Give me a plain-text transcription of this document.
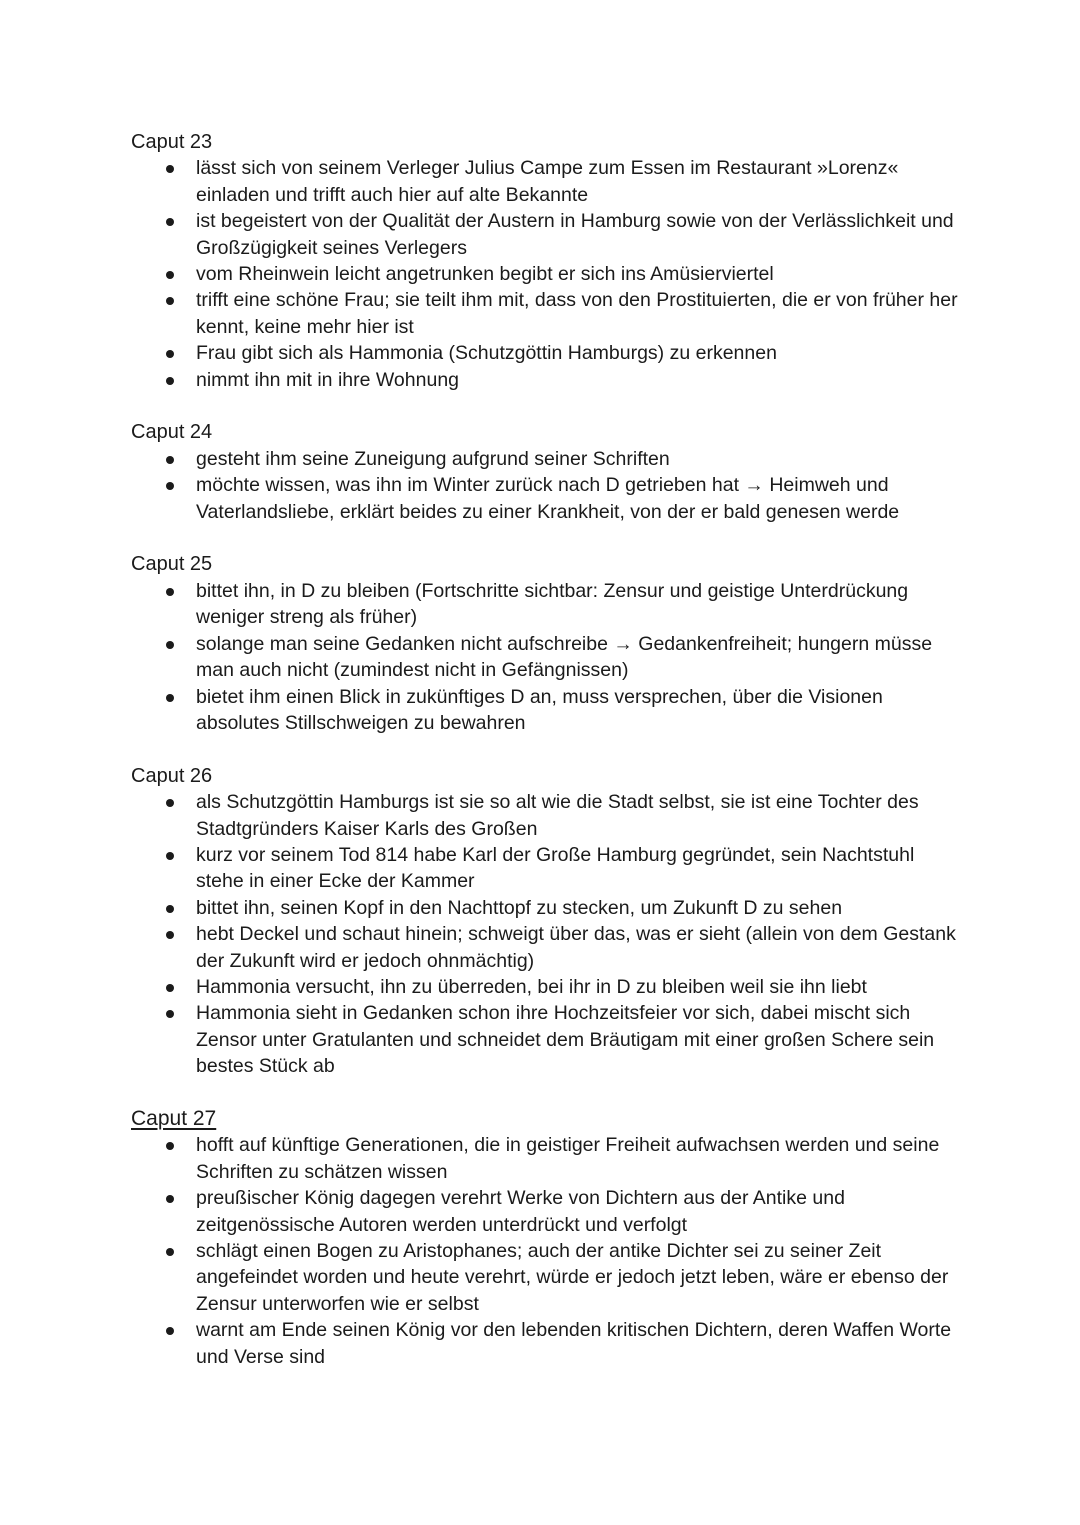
Caput 23

lässt sich von seinem Verleger Julius Campe zum Essen im Restaurant »Lorenz« einladen und trifft auch hier auf alte Bekannte
ist begeistert von der Qualität der Austern in Hamburg sowie von der Verlässlichkeit und Großzügigkeit seines Verlegers
vom Rheinwein leicht angetrunken begibt er sich ins Amüsierviertel
trifft eine schöne Frau; sie teilt ihm mit, dass von den Prostituierten, die er von früher her kennt, keine mehr hier ist
Frau gibt sich als Hammonia (Schutzgöttin Hamburgs) zu erkennen
nimmt ihn mit in ihre Wohnung

Caput 24

gesteht ihm seine Zuneigung aufgrund seiner Schriften
möchte wissen, was ihn im Winter zurück nach D getrieben hat → Heimweh und Vaterlandsliebe, erklärt beides zu einer Krankheit, von der er bald genesen werde

Caput 25

bittet ihn, in D zu bleiben (Fortschritte sichtbar: Zensur und geistige Unterdrückung weniger streng als früher)
solange man seine Gedanken nicht aufschreibe → Gedankenfreiheit; hungern müsse man auch nicht (zumindest nicht in Gefängnissen)
bietet ihm einen Blick in zukünftiges D an, muss versprechen, über die Visionen absolutes Stillschweigen zu bewahren

Caput 26

als Schutzgöttin Hamburgs ist sie so alt wie die Stadt selbst, sie ist eine Tochter des Stadtgründers Kaiser Karls des Großen
kurz vor seinem Tod 814 habe Karl der Große Hamburg gegründet, sein Nachtstuhl stehe in einer Ecke der Kammer
bittet ihn, seinen Kopf in den Nachttopf zu stecken, um Zukunft D zu sehen
hebt Deckel und schaut hinein; schweigt über das, was er sieht (allein von dem Gestank der Zukunft wird er jedoch ohnmächtig)
Hammonia versucht, ihn zu überreden, bei ihr in D zu bleiben weil sie ihn liebt
Hammonia sieht in Gedanken schon ihre Hochzeitsfeier vor sich, dabei mischt sich Zensor unter Gratulanten und schneidet dem Bräutigam mit einer großen Schere sein bestes Stück ab

Caput 27

hofft auf künftige Generationen, die in geistiger Freiheit aufwachsen werden und seine Schriften zu schätzen wissen
preußischer König dagegen verehrt Werke von Dichtern aus der Antike und zeitgenössische Autoren werden unterdrückt und verfolgt
schlägt einen Bogen zu Aristophanes; auch der antike Dichter sei zu seiner Zeit angefeindet worden und heute verehrt, würde er jedoch jetzt leben, wäre er ebenso der Zensur unterworfen wie er selbst
warnt am Ende seinen König vor den lebenden kritischen Dichtern, deren Waffen Worte und Verse sind
